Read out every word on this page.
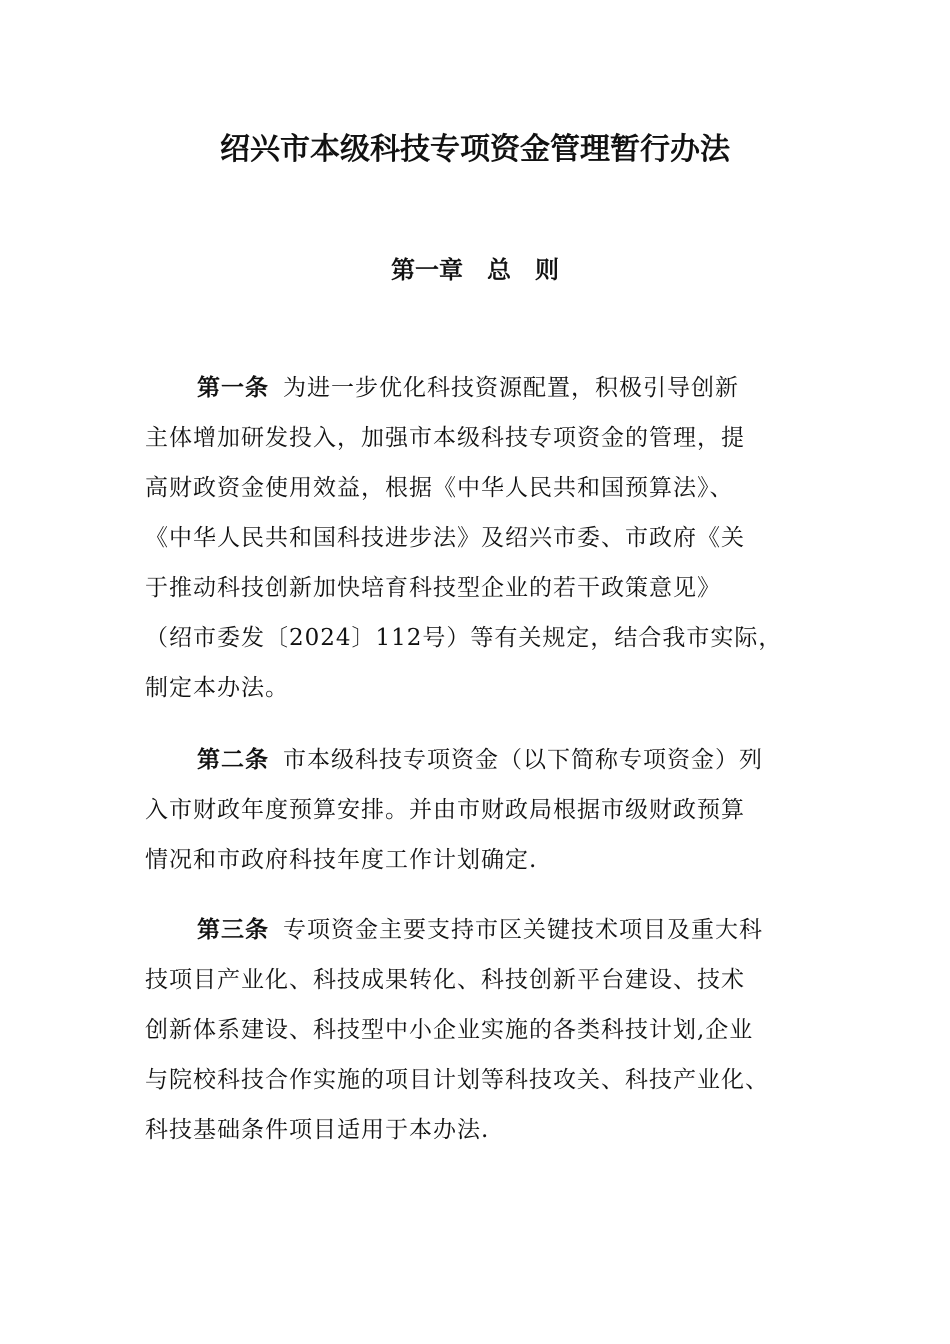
绍兴市本级科技专项资金管理暂行办法
第一章　总　则
第一条 为进一步优化科技资源配置，积极引导创新
主体增加研发投入，加强市本级科技专项资金的管理，提
高财政资金使用效益，根据《中华人民共和国预算法》、
《中华人民共和国科技进步法》及绍兴市委、市政府《关
于推动科技创新加快培育科技型企业的若干政策意见》
（绍市委发〔2024〕112号）等有关规定，结合我市实际，
制定本办法。
第二条 市本级科技专项资金（以下简称专项资金）列
入市财政年度预算安排。并由市财政局根据市级财政预算
情况和市政府科技年度工作计划确定.
第三条 专项资金主要支持市区关键技术项目及重大科
技项目产业化、科技成果转化、科技创新平台建设、技术
创新体系建设、科技型中小企业实施的各类科技计划,企业
与院校科技合作实施的项目计划等科技攻关、科技产业化、
科技基础条件项目适用于本办法.
